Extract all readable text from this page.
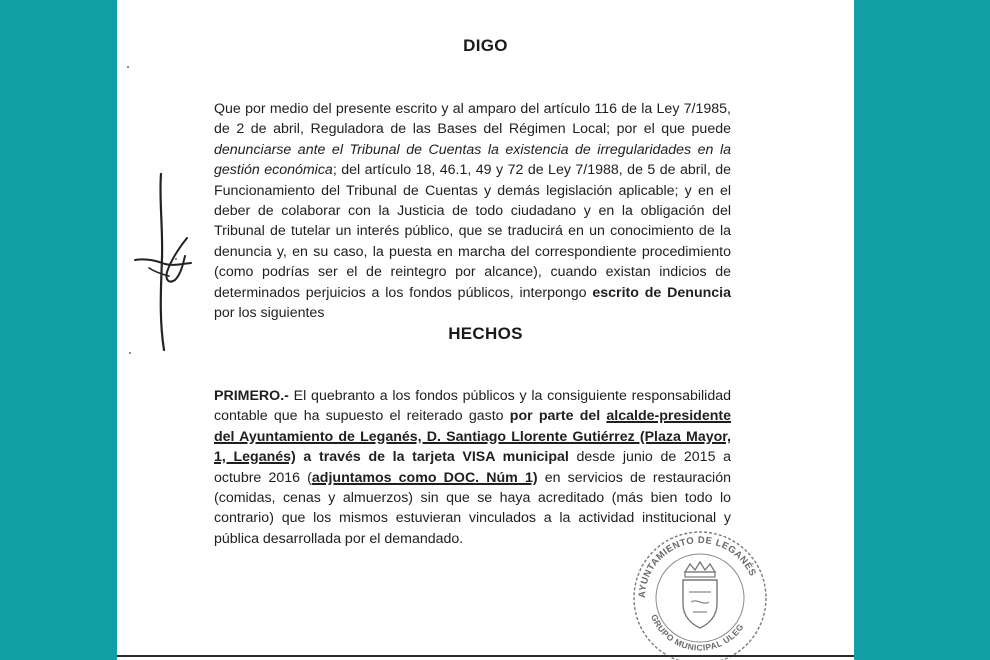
DIGO
Que por medio del presente escrito y al amparo del artículo 116 de la Ley 7/1985, de 2 de abril, Reguladora de las Bases del Régimen Local; por el que puede denunciarse ante el Tribunal de Cuentas la existencia de irregularidades en la gestión económica; del artículo 18, 46.1, 49 y 72 de Ley 7/1988, de 5 de abril, de Funcionamiento del Tribunal de Cuentas y demás legislación aplicable; y en el deber de colaborar con la Justicia de todo ciudadano y en la obligación del Tribunal de tutelar un interés público, que se traducirá en un conocimiento de la denuncia y, en su caso, la puesta en marcha del correspondiente procedimiento (como podrías ser el de reintegro por alcance), cuando existan indicios de determinados perjuicios a los fondos públicos, interpongo escrito de Denuncia por los siguientes
HECHOS
PRIMERO.- El quebranto a los fondos públicos y la consiguiente responsabilidad contable que ha supuesto el reiterado gasto por parte del alcalde-presidente del Ayuntamiento de Leganés, D. Santiago Llorente Gutiérrez (Plaza Mayor, 1, Leganés) a través de la tarjeta VISA municipal desde junio de 2015 a octubre 2016 (adjuntamos como DOC. Núm 1) en servicios de restauración (comidas, cenas y almuerzos) sin que se haya acreditado (más bien todo lo contrario) que los mismos estuvieran vinculados a la actividad institucional y pública desarrollada por el demandado.
AYUNTAMIENTO DE LEGANÉS
GRUPO MUNICIPAL ULEG
